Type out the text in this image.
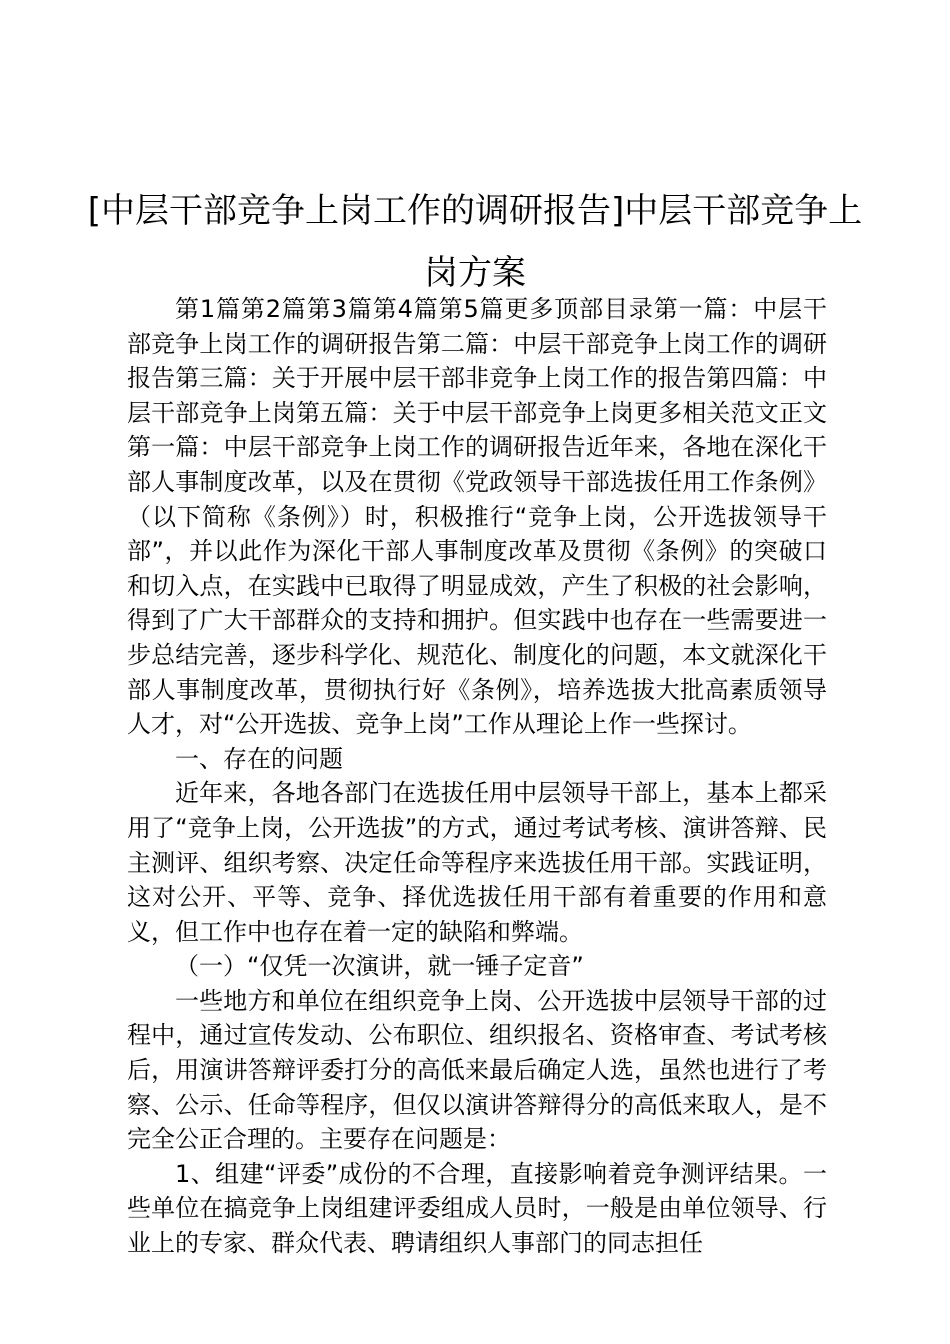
[中层干部竞争上岗工作的调研报告]中层干部竞争上岗方案

第1篇第2篇第3篇第4篇第5篇更多顶部目录第一篇：中层干部竞争上岗工作的调研报告第二篇：中层干部竞争上岗工作的调研报告第三篇：关于开展中层干部非竞争上岗工作的报告第四篇：中层干部竞争上岗第五篇：关于中层干部竞争上岗更多相关范文正文第一篇：中层干部竞争上岗工作的调研报告近年来，各地在深化干部人事制度改革，以及在贯彻《党政领导干部选拔任用工作条例》（以下简称《条例》）时，积极推行“竞争上岗，公开选拔领导干部”，并以此作为深化干部人事制度改革及贯彻《条例》的突破口和切入点，在实践中已取得了明显成效，产生了积极的社会影响，得到了广大干部群众的支持和拥护。但实践中也存在一些需要进一步总结完善，逐步科学化、规范化、制度化的问题，本文就深化干部人事制度改革，贯彻执行好《条例》，培养选拔大批高素质领导人才，对“公开选拔、竞争上岗”工作从理论上作一些探讨。

一、存在的问题

近年来，各地各部门在选拔任用中层领导干部上，基本上都采用了“竞争上岗，公开选拔”的方式，通过考试考核、演讲答辩、民主测评、组织考察、决定任命等程序来选拔任用干部。实践证明，这对公开、平等、竞争、择优选拔任用干部有着重要的作用和意义，但工作中也存在着一定的缺陷和弊端。

（一）“仅凭一次演讲，就一锤子定音”

一些地方和单位在组织竞争上岗、公开选拔中层领导干部的过程中，通过宣传发动、公布职位、组织报名、资格审查、考试考核后，用演讲答辩评委打分的高低来最后确定人选，虽然也进行了考察、公示、任命等程序，但仅以演讲答辩得分的高低来取人，是不完全公正合理的。主要存在问题是：

1、组建“评委”成份的不合理，直接影响着竞争测评结果。一些单位在搞竞争上岗组建评委组成人员时，一般是由单位领导、行业上的专家、群众代表、聘请组织人事部门的同志担任
